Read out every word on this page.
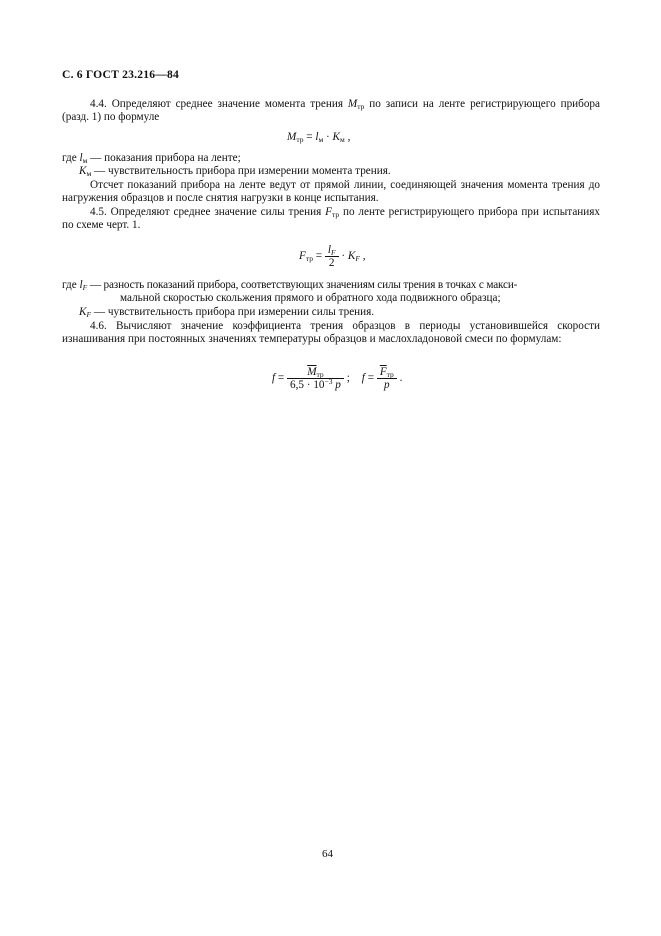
С. 6 ГОСТ 23.216—84

4.4. Определяют среднее значение момента трения $M_{тр}$ по записи на ленте регистрирующего прибора (разд. 1) по формуле

$M_{тр} = l_м \cdot K_м$ ,
где $l_м$ — показания прибора на ленте;
$K_м$ — чувствительность прибора при измерении момента трения.

Отсчет показаний прибора на ленте ведут от прямой линии, соединяющей значения момента трения до нагружения образцов и после снятия нагрузки в конце испытания.

4.5. Определяют среднее значение силы трения $F_{тр}$ по ленте регистрирующего прибора при испытаниях по схеме черт. 1.

$F_{тр} = \frac{l_F}{2} \cdot K_F$ ,
где $l_F$ — разность показаний прибора, соответствующих значениям силы трения в точках с макси-
мальной скоростью скольжения прямого и обратного хода подвижного образца;
$K_F$ — чувствительность прибора при измерении силы трения.

4.6. Вычисляют значение коэффициента трения образцов в периоды установившейся скорости изнашивания при постоянных значениях температуры образцов и маслохладоновой смеси по формулам:

$f = \frac{\overline{M}_{тр}}{6,5 \cdot 10^{-3} p}$ ; $f = \frac{\overline{F}_{тр}}{p}$ .
64
